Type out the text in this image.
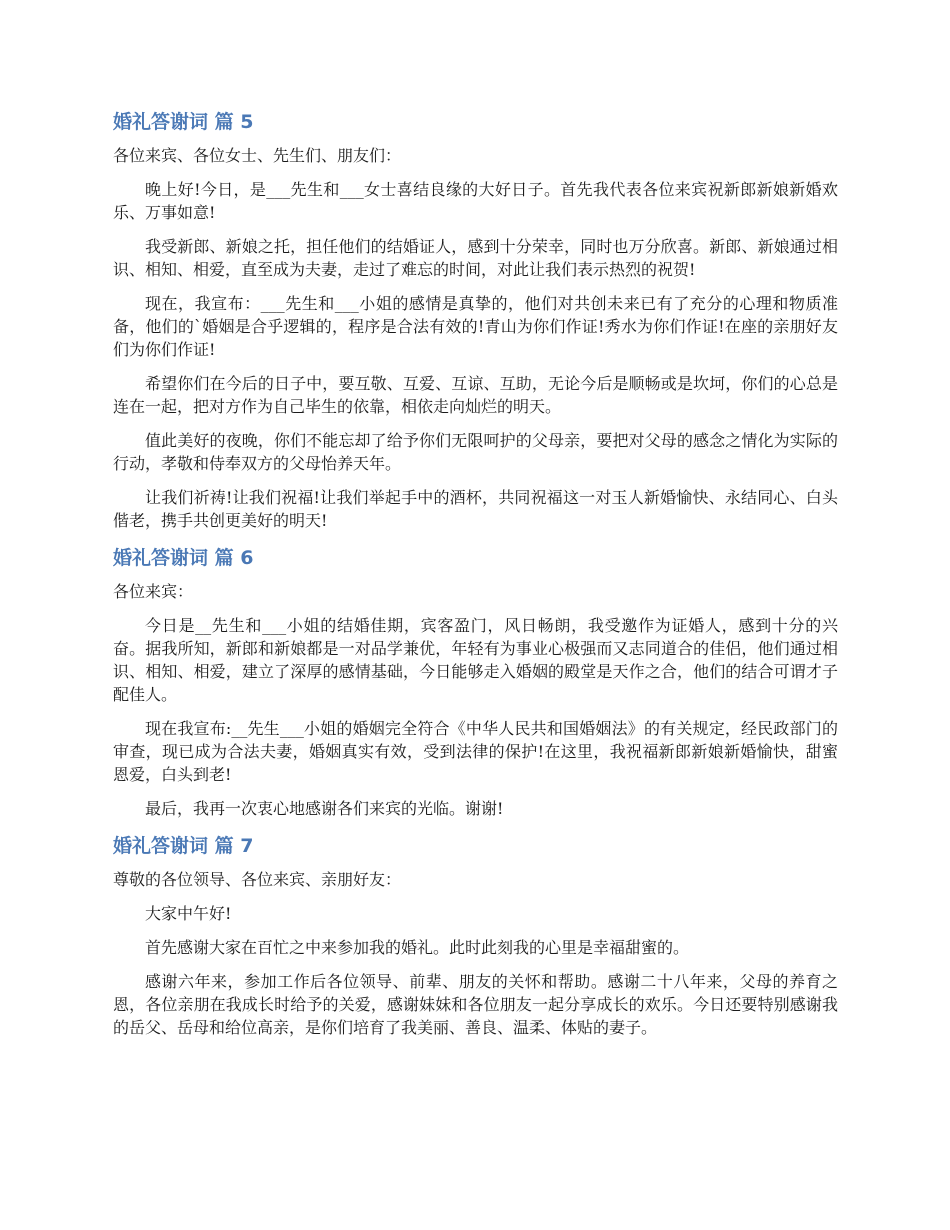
婚礼答谢词 篇 5

各位来宾、各位女士、先生们、朋友们：

晚上好!今日，是___先生和___女士喜结良缘的大好日子。首先我代表各位来宾祝新郎新娘新婚欢乐、万事如意!

我受新郎、新娘之托，担任他们的结婚证人，感到十分荣幸，同时也万分欣喜。新郎、新娘通过相识、相知、相爱，直至成为夫妻，走过了难忘的时间，对此让我们表示热烈的祝贺!

现在，我宣布：___先生和___小姐的感情是真挚的，他们对共创未来已有了充分的心理和物质准备，他们的`婚姻是合乎逻辑的，程序是合法有效的!青山为你们作证!秀水为你们作证!在座的亲朋好友们为你们作证!

希望你们在今后的日子中，要互敬、互爱、互谅、互助，无论今后是顺畅或是坎坷，你们的心总是连在一起，把对方作为自己毕生的依靠，相依走向灿烂的明天。

值此美好的夜晚，你们不能忘却了给予你们无限呵护的父母亲，要把对父母的感念之情化为实际的行动，孝敬和侍奉双方的父母怡养天年。

让我们祈祷!让我们祝福!让我们举起手中的酒杯，共同祝福这一对玉人新婚愉快、永结同心、白头偕老，携手共创更美好的明天!

婚礼答谢词 篇 6

各位来宾：

今日是__先生和___小姐的结婚佳期，宾客盈门，风日畅朗，我受邀作为证婚人，感到十分的兴奋。据我所知，新郎和新娘都是一对品学兼优，年轻有为事业心极强而又志同道合的佳侣，他们通过相识、相知、相爱，建立了深厚的感情基础，今日能够走入婚姻的殿堂是天作之合，他们的结合可谓才子配佳人。

现在我宣布:__先生___小姐的婚姻完全符合《中华人民共和国婚姻法》的有关规定，经民政部门的审查，现已成为合法夫妻，婚姻真实有效，受到法律的保护!在这里，我祝福新郎新娘新婚愉快，甜蜜恩爱，白头到老!

最后，我再一次衷心地感谢各们来宾的光临。谢谢!

婚礼答谢词 篇 7

尊敬的各位领导、各位来宾、亲朋好友：

大家中午好!

首先感谢大家在百忙之中来参加我的婚礼。此时此刻我的心里是幸福甜蜜的。

感谢六年来，参加工作后各位领导、前辈、朋友的关怀和帮助。感谢二十八年来，父母的养育之恩，各位亲朋在我成长时给予的关爱，感谢妹妹和各位朋友一起分享成长的欢乐。今日还要特别感谢我的岳父、岳母和给位高亲，是你们培育了我美丽、善良、温柔、体贴的妻子。
